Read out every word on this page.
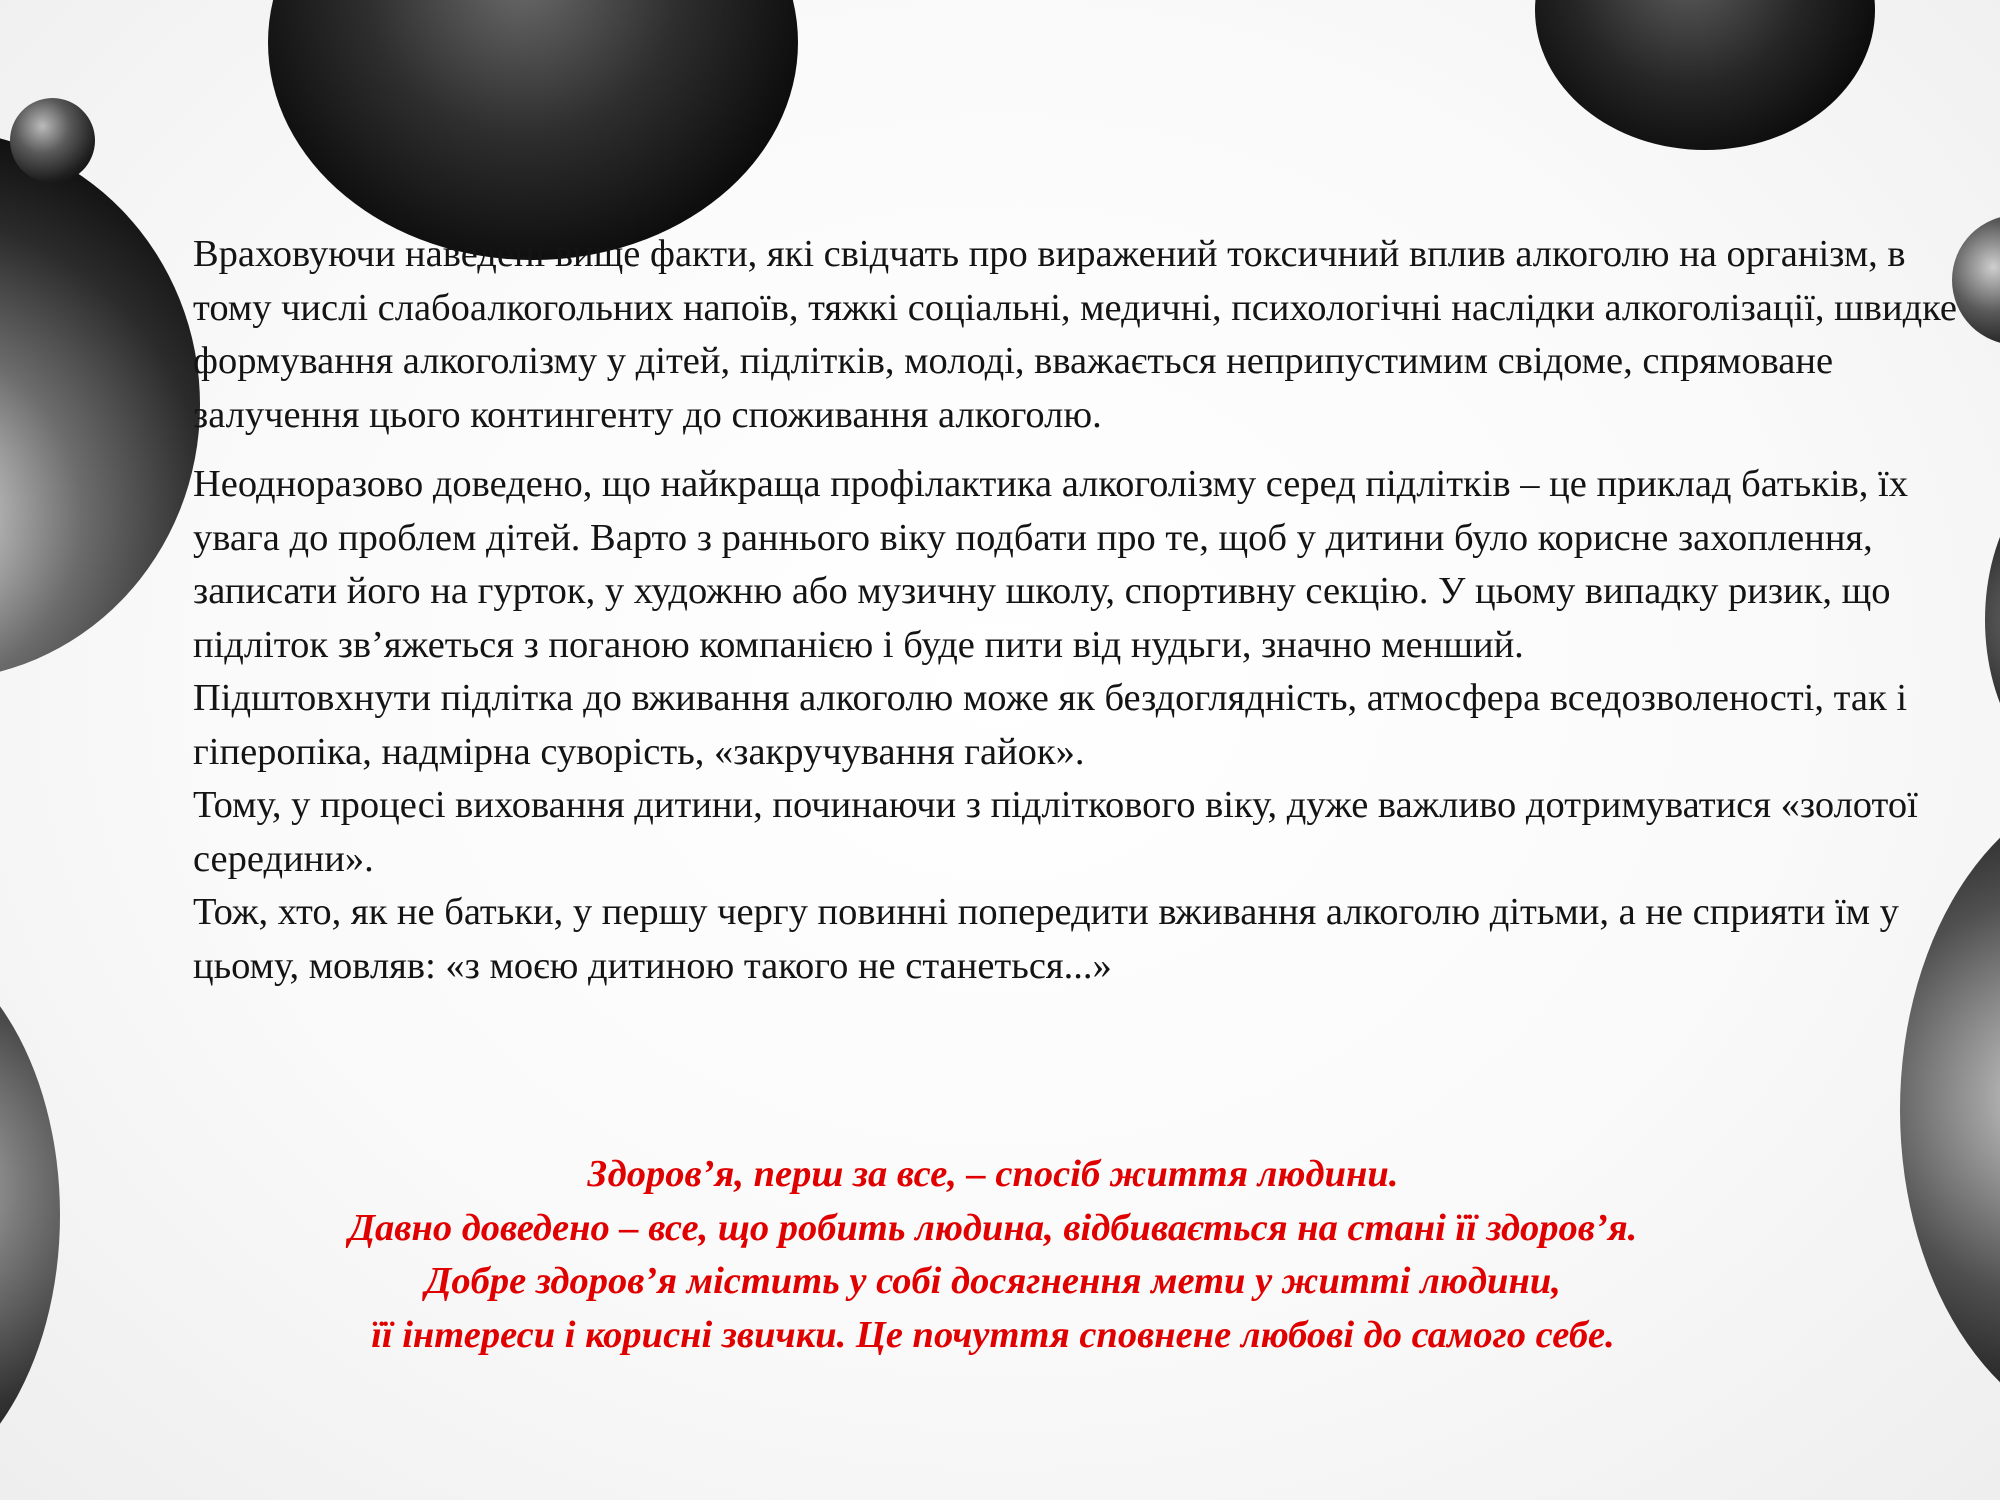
Враховуючи наведені вище факти, які свідчать про виражений токсичний вплив алкоголю на організм, в тому числі слабоалкогольних напоїв, тяжкі соціальні, медичні, психологічні наслідки алкоголізації, швидке формування алкоголізму у дітей, підлітків, молоді, вважається неприпустимим свідоме, спрямоване залучення цього контингенту до споживання алкоголю.

Неодноразово доведено, що найкраща профілактика алкоголізму серед підлітків – це приклад батьків, їх увага до проблем дітей. Варто з раннього віку подбати про те, щоб у дитини було корисне захоплення, записати його на гурток, у художню або музичну школу, спортивну секцію. У цьому випадку ризик, що підліток зв’яжеться з поганою компанією і буде пити від нудьги, значно менший.

Підштовхнути підлітка до вживання алкоголю може як бездоглядність, атмосфера вседозволеності, так і гіперопіка, надмірна суворість, «закручування гайок».

Тому, у процесі виховання дитини, починаючи з підліткового віку, дуже важливо дотримуватися «золотої середини».

Тож, хто, як не батьки, у першу чергу повинні попередити вживання алкоголю дітьми, а не сприяти їм у цьому, мовляв: «з моєю дитиною такого не станеться...»

Здоров’я, перш за все, – спосіб життя людини.
Давно доведено – все, що робить людина, відбивається на стані її здоров’я.
Добре здоров’я містить у собі досягнення мети у житті людини,
її інтереси і корисні звички. Це почуття сповнене любові до самого себе.
